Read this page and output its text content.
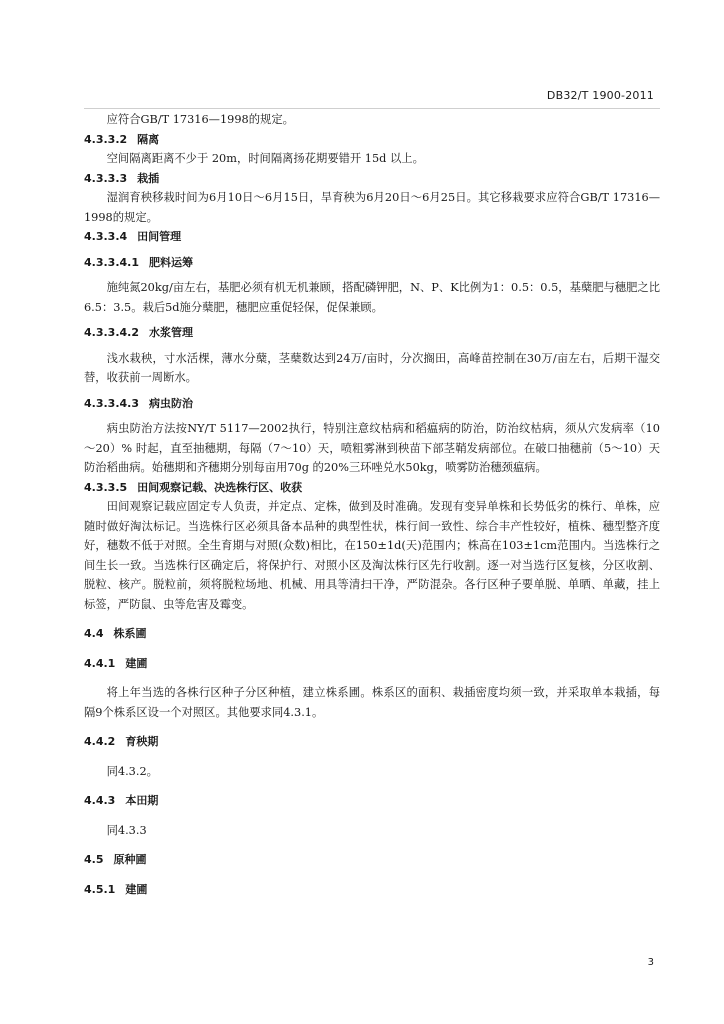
DB32/T 1900-2011

应符合GB/T 17316—1998的规定。

4.3.3.2 隔离

空间隔离距离不少于 20m，时间隔离扬花期要错开 15d 以上。

4.3.3.3 栽插

湿润育秧移栽时间为6月10日～6月15日，旱育秧为6月20日～6月25日。其它移栽要求应符合GB/T 17316—1998的规定。

4.3.3.4 田间管理

4.3.3.4.1 肥料运筹

施纯氮20kg/亩左右，基肥必须有机无机兼顾，搭配磷钾肥，N、P、K比例为1：0.5：0.5，基蘖肥与穗肥之比6.5：3.5。栽后5d施分蘖肥，穗肥应重促轻保，促保兼顾。

4.3.3.4.2 水浆管理

浅水栽秧，寸水活棵，薄水分蘖，茎蘖数达到24万/亩时，分次搁田，高峰苗控制在30万/亩左右，后期干湿交替，收获前一周断水。

4.3.3.4.3 病虫防治

病虫防治方法按NY/T 5117—2002执行，特别注意纹枯病和稻瘟病的防治，防治纹枯病，须从穴发病率（10～20）% 时起，直至抽穗期，每隔（7～10）天，喷粗雾淋到秧苗下部茎鞘发病部位。在破口抽穗前（5～10）天防治稻曲病。始穗期和齐穗期分别每亩用70g 的20%三环唑兑水50kg，喷雾防治穗颈瘟病。

4.3.3.5 田间观察记载、决选株行区、收获

田间观察记载应固定专人负责，并定点、定株，做到及时准确。发现有变异单株和长势低劣的株行、单株，应随时做好淘汰标记。当选株行区必须具备本品种的典型性状，株行间一致性、综合丰产性较好，植株、穗型整齐度好，穗数不低于对照。全生育期与对照(众数)相比，在150±1d(天)范围内；株高在103±1cm范围内。当选株行之间生长一致。当选株行区确定后，将保护行、对照小区及淘汰株行区先行收割。逐一对当选行区复核，分区收割、脱粒、核产。脱粒前，须将脱粒场地、机械、用具等清扫干净，严防混杂。各行区种子要单脱、单晒、单藏，挂上标签，严防鼠、虫等危害及霉变。

4.4 株系圃

4.4.1 建圃

将上年当选的各株行区种子分区种植，建立株系圃。株系区的面积、栽插密度均须一致，并采取单本栽插，每隔9个株系区设一个对照区。其他要求同4.3.1。

4.4.2 育秧期

同4.3.2。

4.4.3 本田期

同4.3.3

4.5 原种圃

4.5.1 建圃

3
